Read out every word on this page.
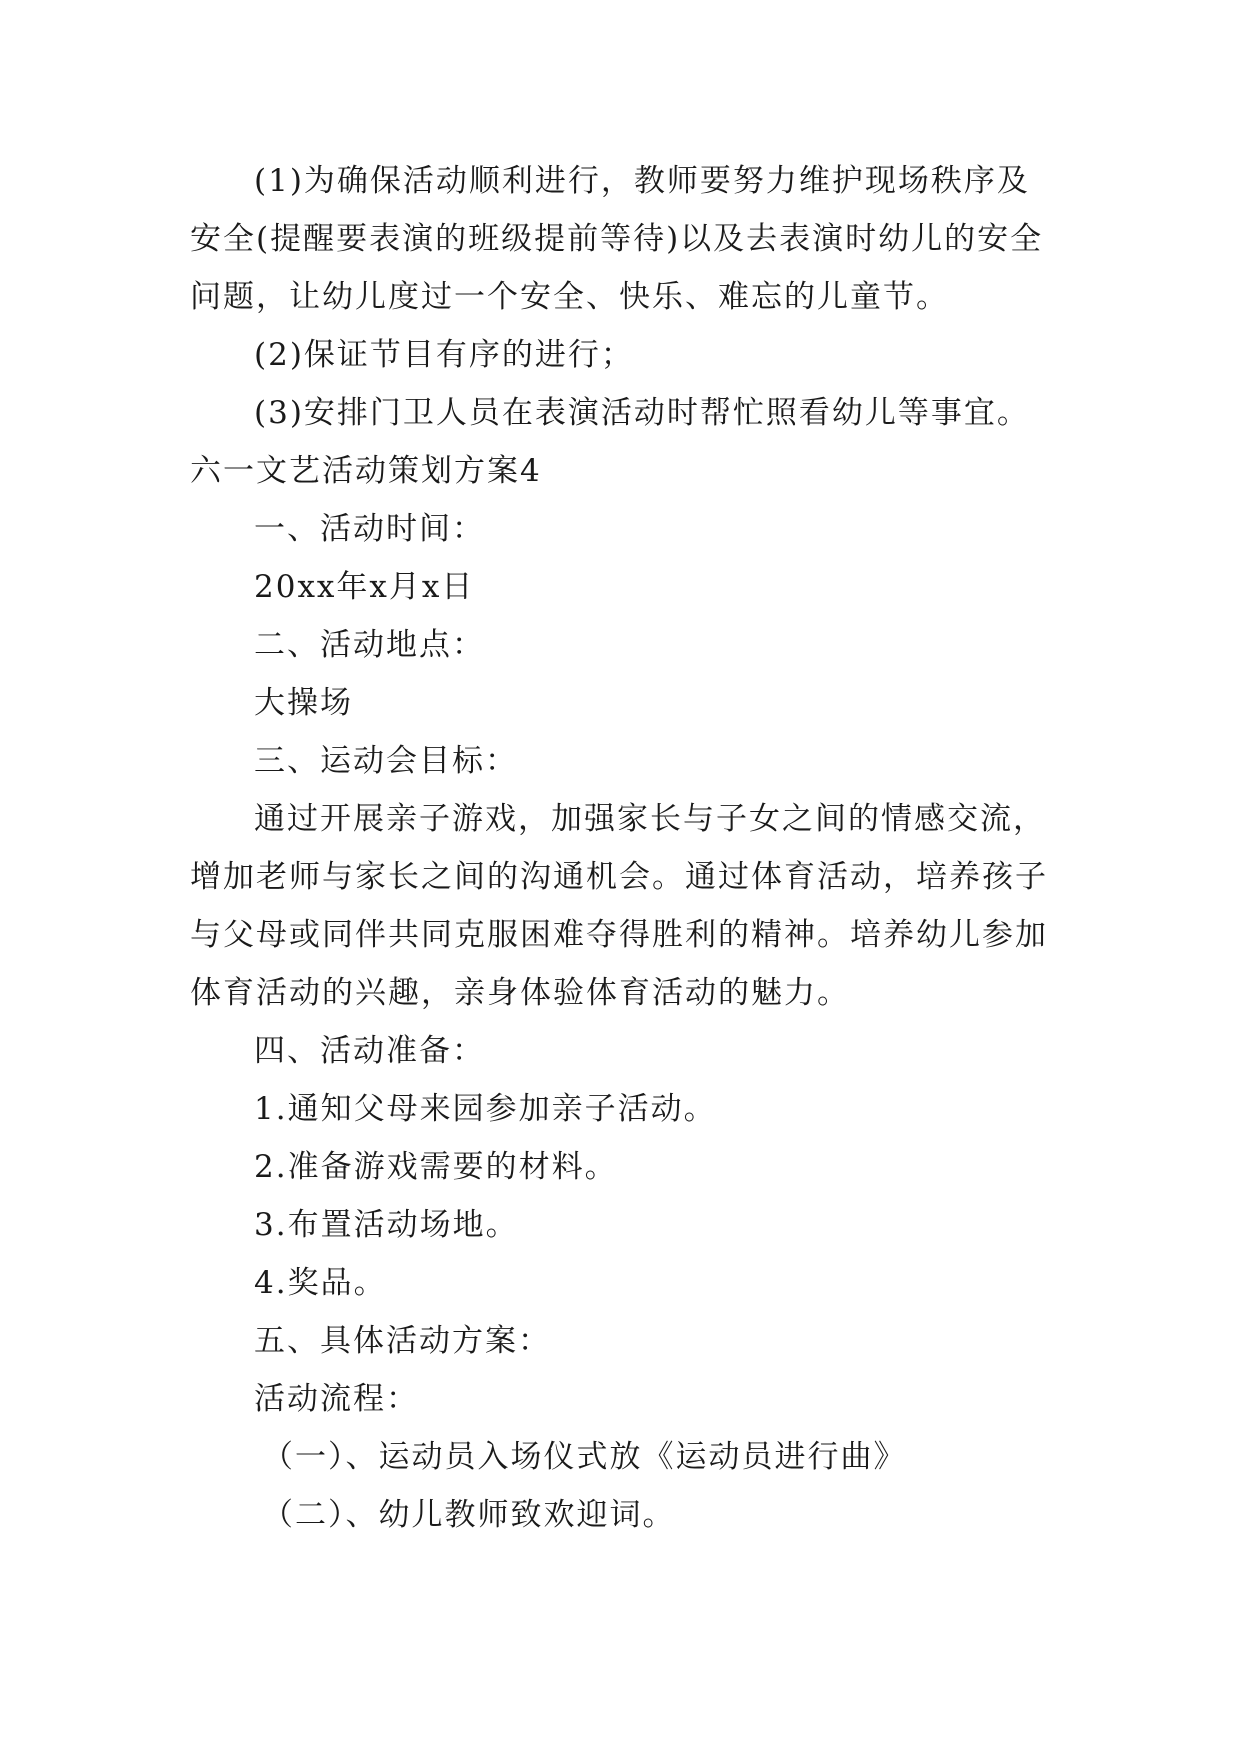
(1)为确保活动顺利进行，教师要努力维护现场秩序及
安全(提醒要表演的班级提前等待)以及去表演时幼儿的安全
问题，让幼儿度过一个安全、快乐、难忘的儿童节。
(2)保证节目有序的进行；
(3)安排门卫人员在表演活动时帮忙照看幼儿等事宜。
六一文艺活动策划方案4
一、活动时间：
20xx年x月x日
二、活动地点：
大操场
三、运动会目标：
通过开展亲子游戏，加强家长与子女之间的情感交流，
增加老师与家长之间的沟通机会。通过体育活动，培养孩子
与父母或同伴共同克服困难夺得胜利的精神。培养幼儿参加
体育活动的兴趣，亲身体验体育活动的魅力。
四、活动准备：
1.通知父母来园参加亲子活动。
2.准备游戏需要的材料。
3.布置活动场地。
4.奖品。
五、具体活动方案：
活动流程：
（一）、运动员入场仪式放《运动员进行曲》
（二）、幼儿教师致欢迎词。
